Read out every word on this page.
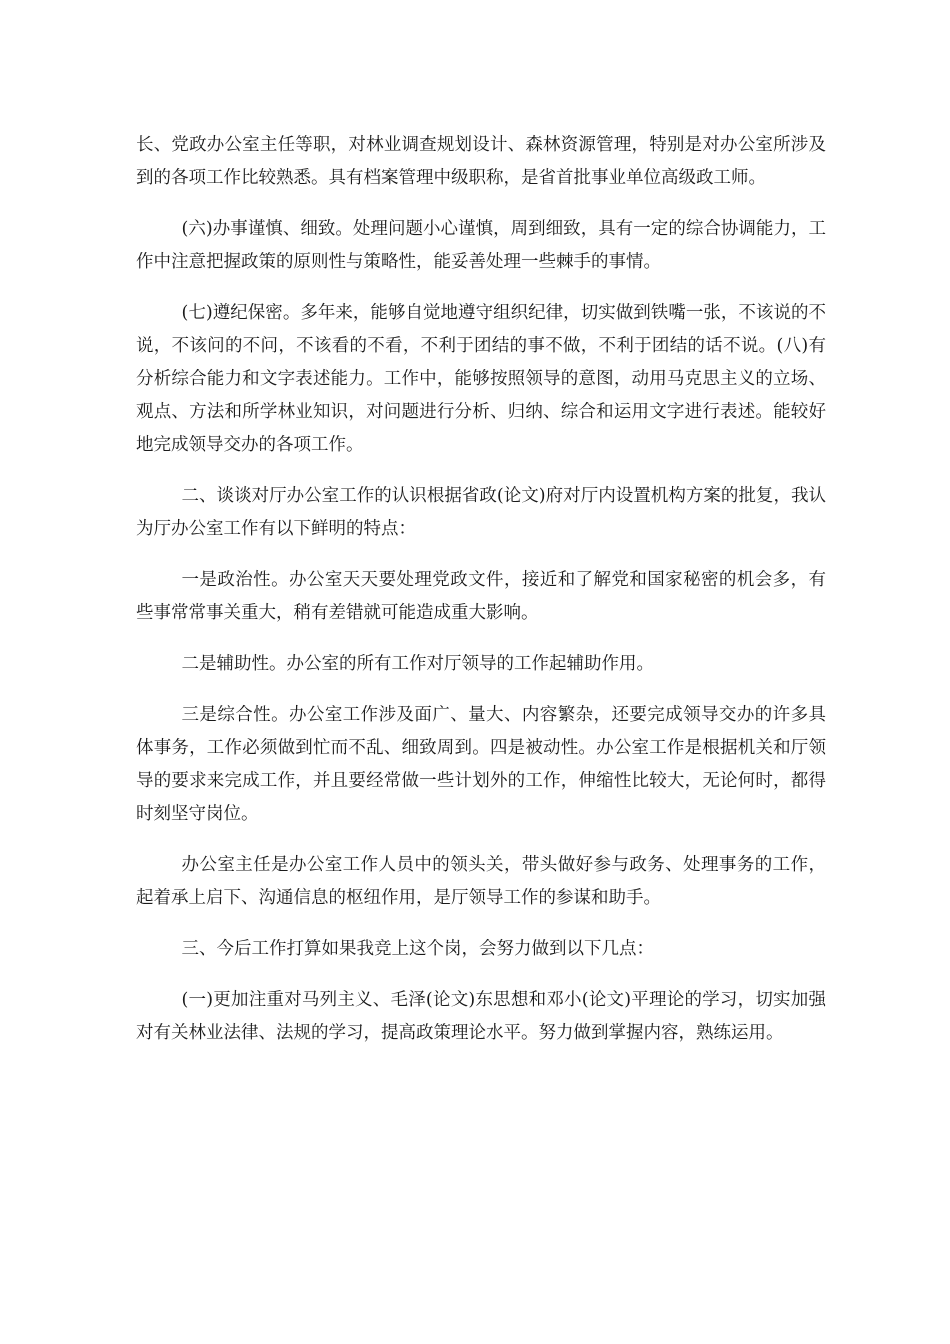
长、党政办公室主任等职，对林业调查规划设计、森林资源管理，特别是对办公室所涉及到的各项工作比较熟悉。具有档案管理中级职称，是省首批事业单位高级政工师。

(六)办事谨慎、细致。处理问题小心谨慎，周到细致，具有一定的综合协调能力，工作中注意把握政策的原则性与策略性，能妥善处理一些棘手的事情。

(七)遵纪保密。多年来，能够自觉地遵守组织纪律，切实做到铁嘴一张，不该说的不说，不该问的不问，不该看的不看，不利于团结的事不做，不利于团结的话不说。(八)有分析综合能力和文字表述能力。工作中，能够按照领导的意图，动用马克思主义的立场、观点、方法和所学林业知识，对问题进行分析、归纳、综合和运用文字进行表述。能较好地完成领导交办的各项工作。

二、谈谈对厅办公室工作的认识根据省政(论文)府对厅内设置机构方案的批复，我认为厅办公室工作有以下鲜明的特点：

一是政治性。办公室天天要处理党政文件，接近和了解党和国家秘密的机会多，有些事常常事关重大，稍有差错就可能造成重大影响。

二是辅助性。办公室的所有工作对厅领导的工作起辅助作用。

三是综合性。办公室工作涉及面广、量大、内容繁杂，还要完成领导交办的许多具体事务，工作必须做到忙而不乱、细致周到。四是被动性。办公室工作是根据机关和厅领导的要求来完成工作，并且要经常做一些计划外的工作，伸缩性比较大，无论何时，都得时刻坚守岗位。

办公室主任是办公室工作人员中的领头关，带头做好参与政务、处理事务的工作，起着承上启下、沟通信息的枢纽作用，是厅领导工作的参谋和助手。

三、今后工作打算如果我竞上这个岗，会努力做到以下几点：

(一)更加注重对马列主义、毛泽(论文)东思想和邓小(论文)平理论的学习，切实加强对有关林业法律、法规的学习，提高政策理论水平。努力做到掌握内容，熟练运用。
